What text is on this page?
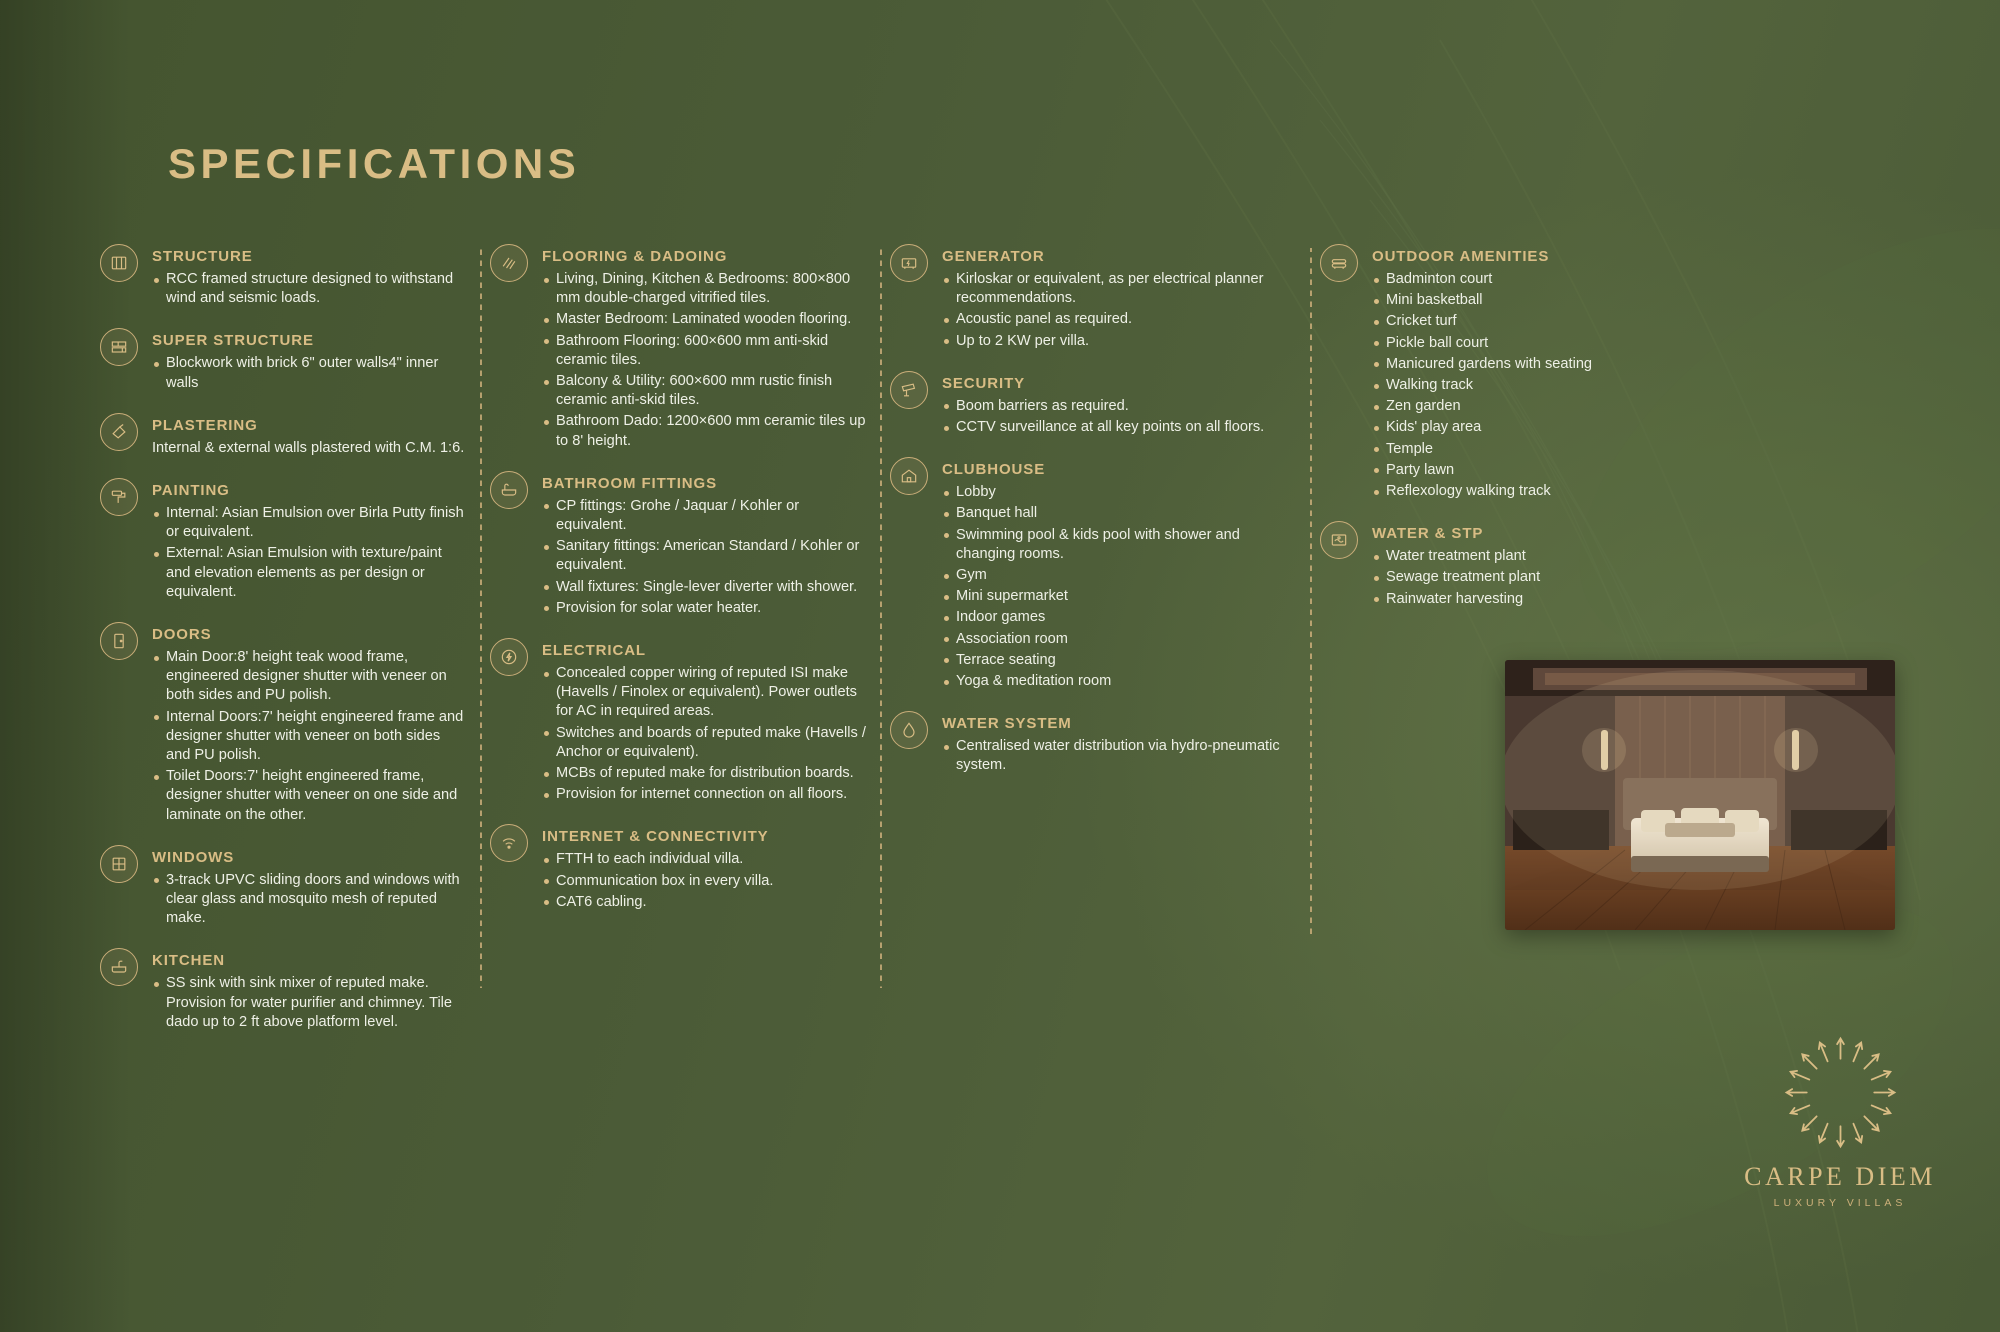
SPECIFICATIONS
STRUCTURE
RCC framed structure designed to withstand wind and seismic loads.
SUPER STRUCTURE
Blockwork with brick 6" outer walls4" inner walls
PLASTERING
Internal & external walls plastered with C.M. 1:6.
PAINTING
Internal: Asian Emulsion over Birla Putty finish or equivalent.
External: Asian Emulsion with texture/paint and elevation elements as per design or equivalent.
DOORS
Main Door:8' height teak wood frame, engineered designer shutter with veneer on both sides and PU polish.
Internal Doors:7' height engineered frame and designer shutter with veneer on both sides and PU polish.
Toilet Doors:7' height engineered frame, designer shutter with veneer on one side and laminate on the other.
WINDOWS
3-track UPVC sliding doors and windows with clear glass and mosquito mesh of reputed make.
KITCHEN
SS sink with sink mixer of reputed make. Provision for water purifier and chimney. Tile dado up to 2 ft above platform level.
FLOORING & DADOING
Living, Dining, Kitchen & Bedrooms: 800×800 mm double-charged vitrified tiles.
Master Bedroom: Laminated wooden flooring.
Bathroom Flooring: 600×600 mm anti-skid ceramic tiles.
Balcony & Utility: 600×600 mm rustic finish ceramic anti-skid tiles.
Bathroom Dado: 1200×600 mm ceramic tiles up to 8' height.
BATHROOM FITTINGS
CP fittings: Grohe / Jaquar / Kohler or equivalent.
Sanitary fittings: American Standard / Kohler or equivalent.
Wall fixtures: Single-lever diverter with shower.
Provision for solar water heater.
ELECTRICAL
Concealed copper wiring of reputed ISI make (Havells / Finolex or equivalent). Power outlets for AC in required areas.
Switches and boards of reputed make (Havells / Anchor or equivalent).
MCBs of reputed make for distribution boards.
Provision for internet connection on all floors.
INTERNET & CONNECTIVITY
FTTH to each individual villa.
Communication box in every villa.
CAT6 cabling.
GENERATOR
Kirloskar or equivalent, as per electrical planner recommendations.
Acoustic panel as required.
Up to 2 KW per villa.
SECURITY
Boom barriers as required.
CCTV surveillance at all key points on all floors.
CLUBHOUSE
Lobby
Banquet hall
Swimming pool & kids pool with shower and changing rooms.
Gym
Mini supermarket
Indoor games
Association room
Terrace seating
Yoga & meditation room
WATER SYSTEM
Centralised water distribution via hydro-pneumatic system.
OUTDOOR AMENITIES
Badminton court
Mini basketball
Cricket turf
Pickle ball court
Manicured gardens with seating
Walking track
Zen garden
Kids' play area
Temple
Party lawn
Reflexology walking track
WATER & STP
Water treatment plant
Sewage treatment plant
Rainwater harvesting
CARPE DIEM
LUXURY VILLAS
